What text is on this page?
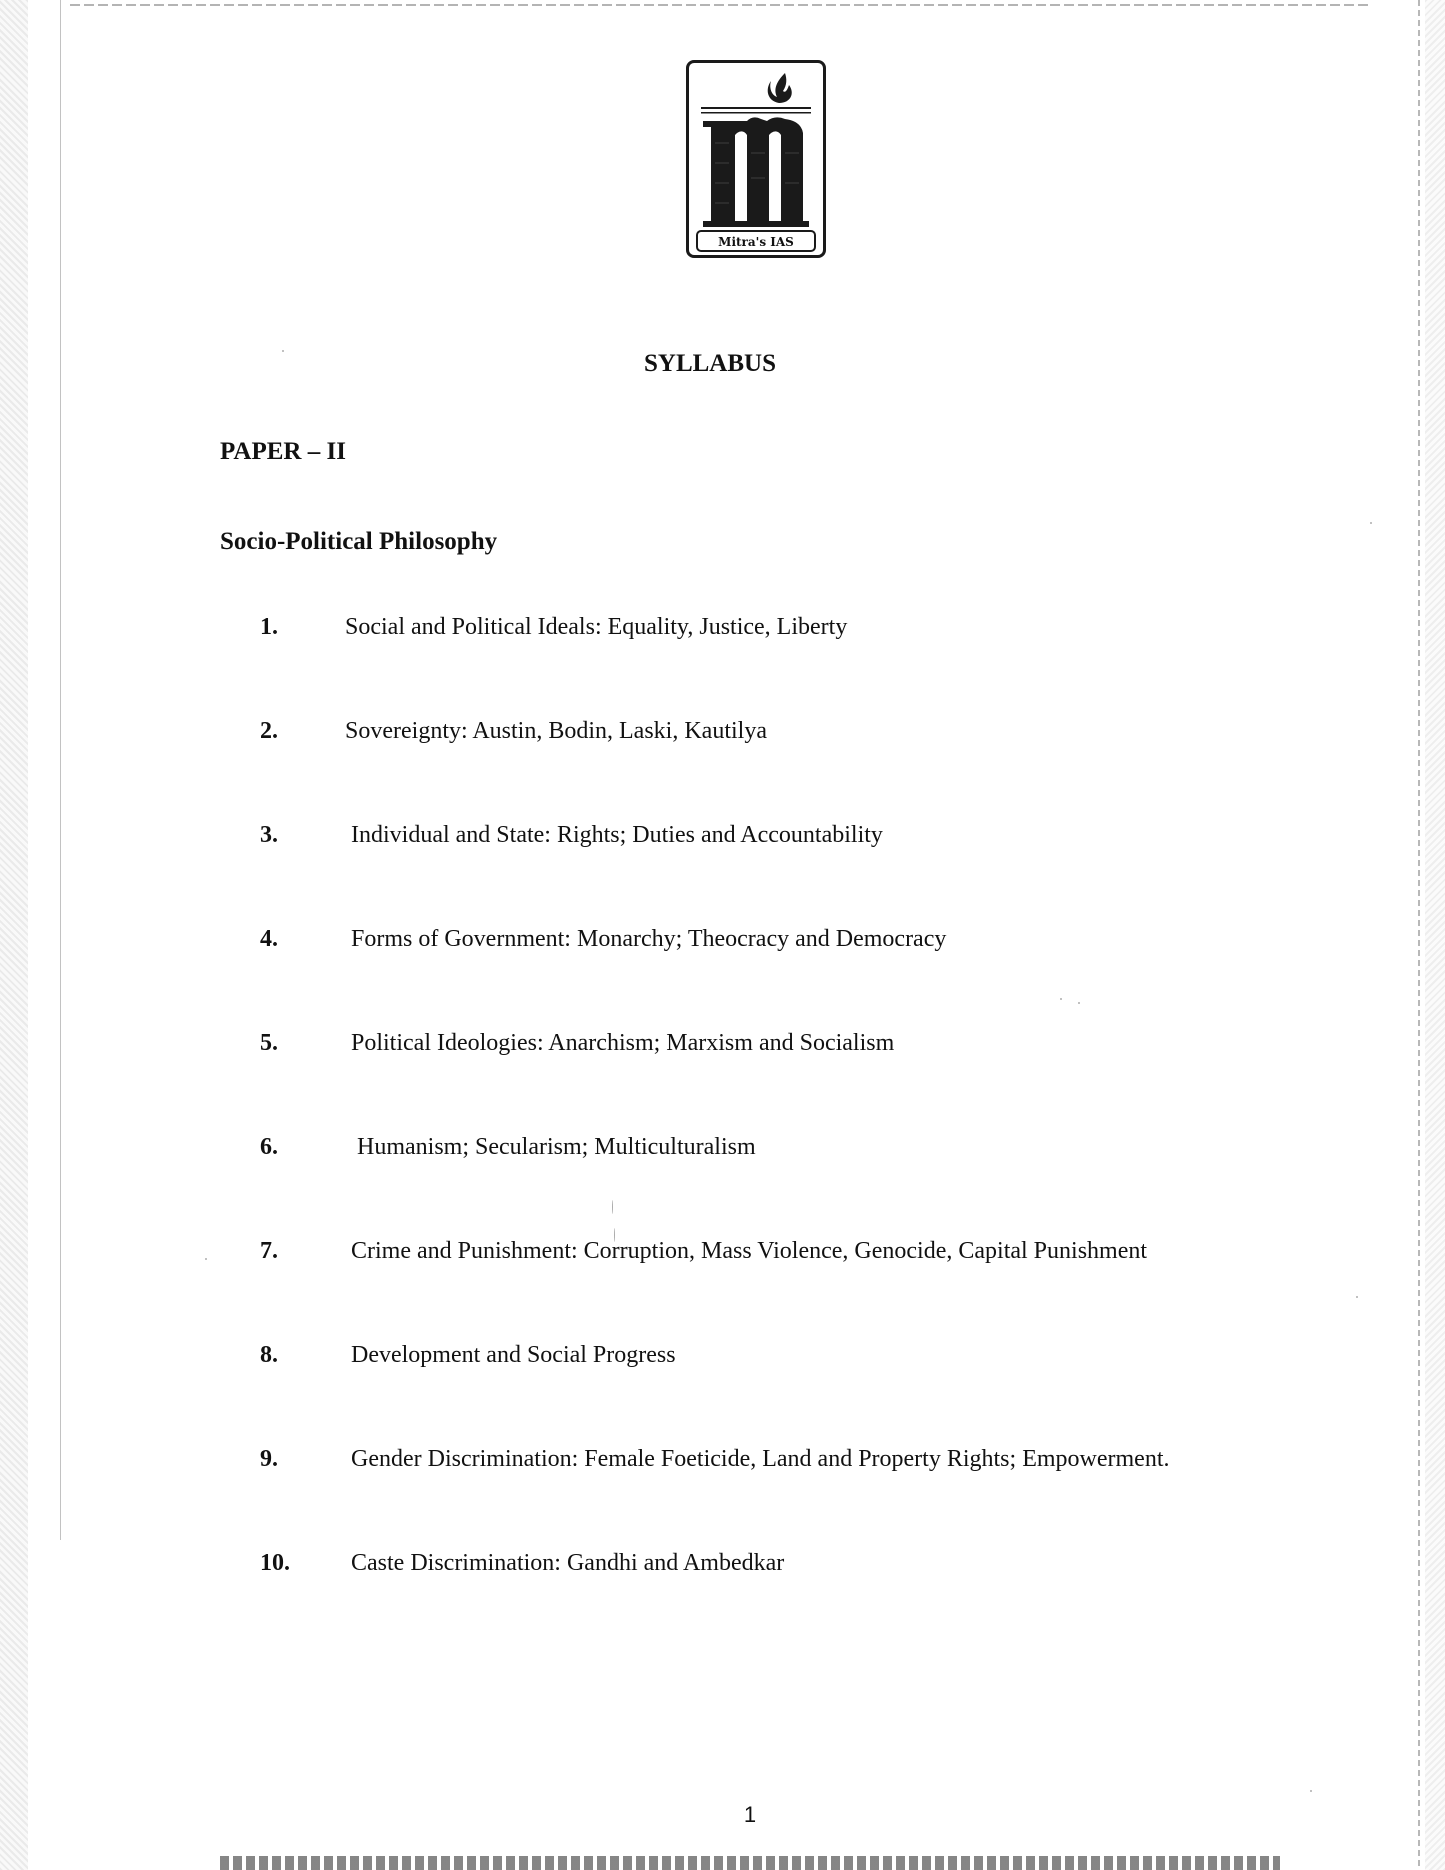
Mitra's IAS
SYLLABUS
PAPER – II
Socio-Political Philosophy
1.	Social and Political Ideals: Equality, Justice, Liberty
2.	Sovereignty: Austin, Bodin, Laski, Kautilya
3.	Individual and State: Rights; Duties and Accountability
4.	Forms of Government: Monarchy; Theocracy and Democracy
5.	Political Ideologies: Anarchism; Marxism and Socialism
6.	Humanism; Secularism; Multiculturalism
7.	Crime and Punishment: Corruption, Mass Violence, Genocide, Capital Punishment
8.	Development and Social Progress
9.	Gender Discrimination: Female Foeticide, Land and Property Rights; Empowerment.
10.	Caste Discrimination: Gandhi and Ambedkar
1
